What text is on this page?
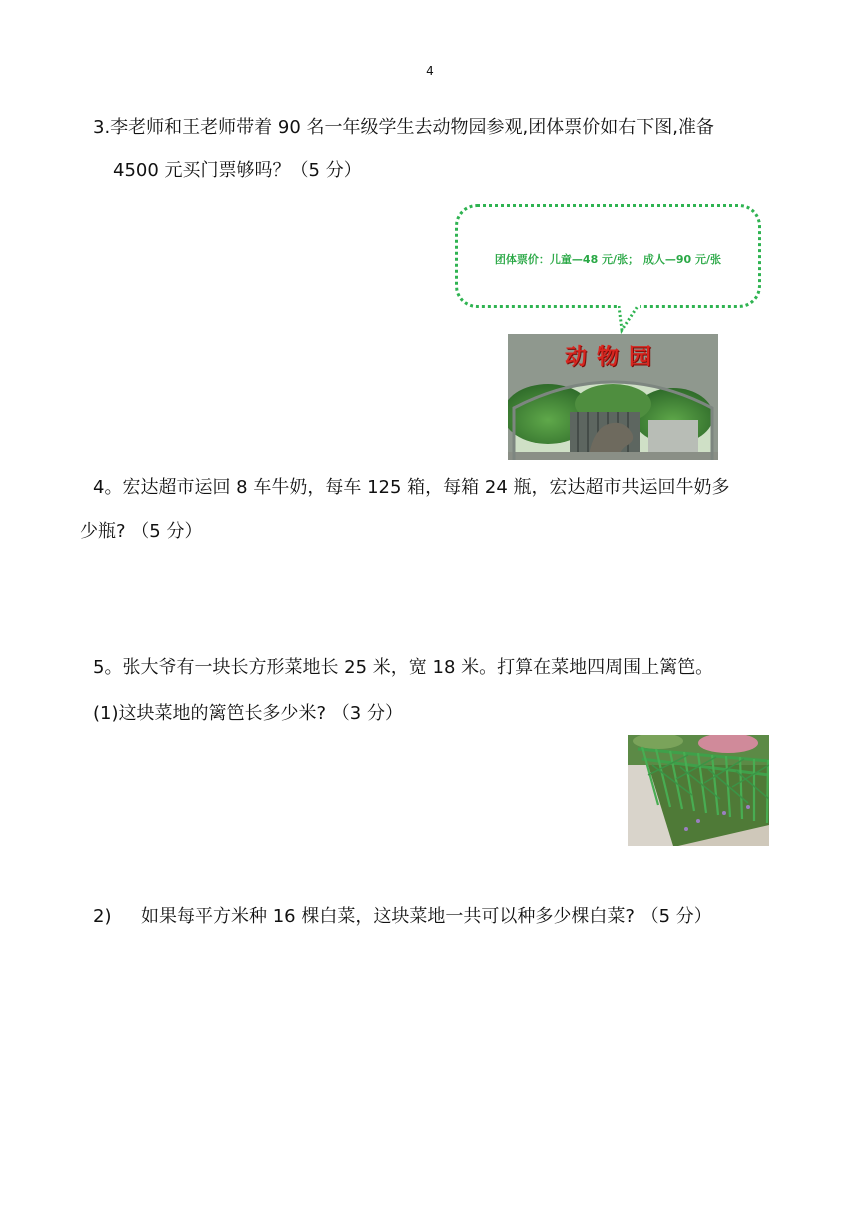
4
3.李老师和王老师带着 90 名一年级学生去动物园参观,团体票价如右下图,准备
4500 元买门票够吗？（5 分）
团体票价：儿童—48 元/张； 成人—90 元/张
动物园
4。宏达超市运回 8 车牛奶，每车 125 箱，每箱 24 瓶，宏达超市共运回牛奶多
少瓶? （5 分）
5。张大爷有一块长方形菜地长 25 米，宽 18 米。打算在菜地四周围上篱笆。
(1)这块菜地的篱笆长多少米? （3 分）
2) 如果每平方米种 16 棵白菜，这块菜地一共可以种多少棵白菜? （5 分）
